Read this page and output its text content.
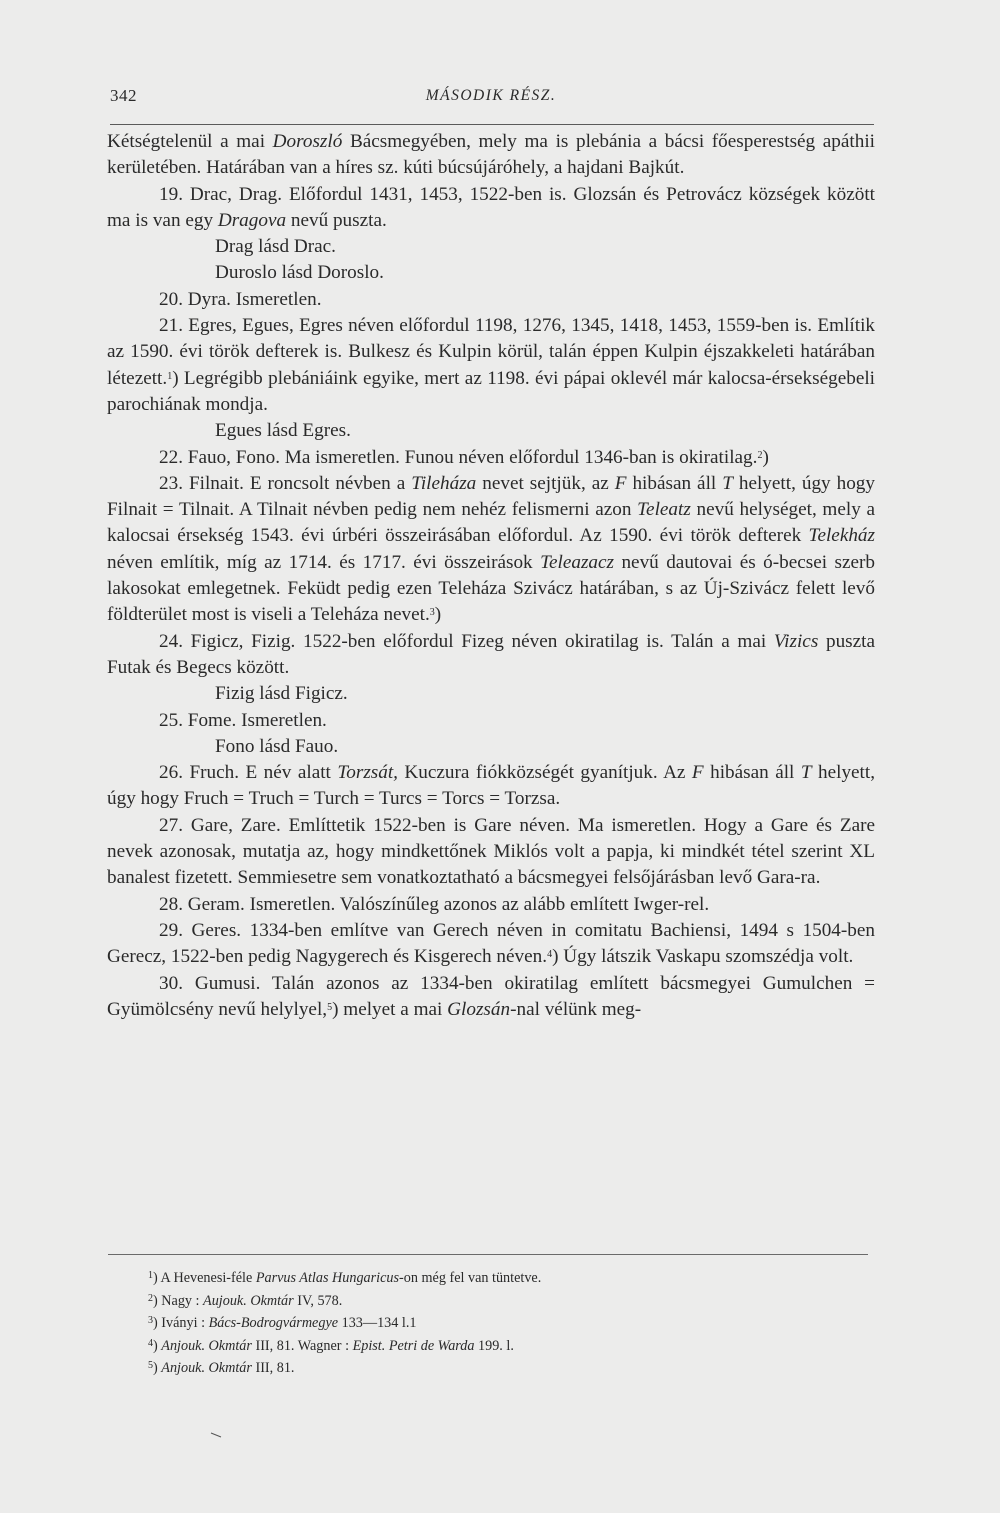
342	MÁSODIK RÉSZ.

Kétségtelenül a mai Doroszló Bácsmegyében, mely ma is plebánia a bácsi főesperestség apáthii kerületében. Határában van a híres sz. kúti búcsújáróhely, a hajdani Bajkút.

19. Drac, Drag. Előfordul 1431, 1453, 1522-ben is. Glozsán és Petrovácz községek között ma is van egy Dragova nevű puszta.

Drag lásd Drac.

Duroslo lásd Doroslo.

20. Dyra. Ismeretlen.

21. Egres, Egues, Egres néven előfordul 1198, 1276, 1345, 1418, 1453, 1559-ben is. Említik az 1590. évi török defterek is. Bulkesz és Kulpin körül, talán éppen Kulpin éjszakkeleti határában létezett.$^1$) Legrégibb plebániáink egyike, mert az 1198. évi pápai oklevél már kalocsa-érsekségebeli parochiának mondja.

Egues lásd Egres.

22. Fauo, Fono. Ma ismeretlen. Funou néven előfordul 1346-ban is okiratilag.$^2$)

23. Filnait. E roncsolt névben a Tileháza nevet sejtjük, az F hibásan áll T helyett, úgy hogy Filnait = Tilnait. A Tilnait névben pedig nem nehéz felismerni azon Teleatz nevű helységet, mely a kalocsai érsekség 1543. évi úrbéri összeirásában előfordul. Az 1590. évi török defterek Telekház néven említik, míg az 1714. és 1717. évi összeirások Teleazacz nevű dautovai és ó-becsei szerb lakosokat emlegetnek. Feküdt pedig ezen Teleháza Szivácz határában, s az Új-Szivácz felett levő földterület most is viseli a Teleháza nevet.$^3$)

24. Figicz, Fizig. 1522-ben előfordul Fizeg néven okiratilag is. Talán a mai Vizics puszta Futak és Begecs között.

Fizig lásd Figicz.

25. Fome. Ismeretlen.

Fono lásd Fauo.

26. Fruch. E név alatt Torzsát, Kuczura fiókközségét gyanítjuk. Az F hibásan áll T helyett, úgy hogy Fruch = Truch = Turch = Turcs = Torcs = Torzsa.

27. Gare, Zare. Említtetik 1522-ben is Gare néven. Ma ismeretlen. Hogy a Gare és Zare nevek azonosak, mutatja az, hogy mindkettőnek Miklós volt a papja, ki mindkét tétel szerint XL banalest fizetett. Semmiesetre sem vonatkoztatható a bácsmegyei felsőjárásban levő Gara-ra.

28. Geram. Ismeretlen. Valószínűleg azonos az alább említett Iwger-rel.

29. Geres. 1334-ben említve van Gerech néven in comitatu Bachiensi, 1494 s 1504-ben Gerecz, 1522-ben pedig Nagygerech és Kisgerech néven.$^4$) Úgy látszik Vaskapu szomszédja volt.

30. Gumusi. Talán azonos az 1334-ben okiratilag említett bácsmegyei Gumulchen = Gyümölcsény nevű helylyel,$^5$) melyet a mai Glozsán-nal vélünk meg-

$^1$) A Hevenesi-féle Parvus Atlas Hungaricus-on még fel van tüntetve.

$^2$) Nagy : Aujouk. Okmtár IV, 578.

$^3$) Iványi : Bács-Bodrogvármegye 133—134 l.1

$^4$) Anjouk. Okmtár III, 81. Wagner : Epist. Petri de Warda 199. l.

$^5$) Anjouk. Okmtár III, 81.
